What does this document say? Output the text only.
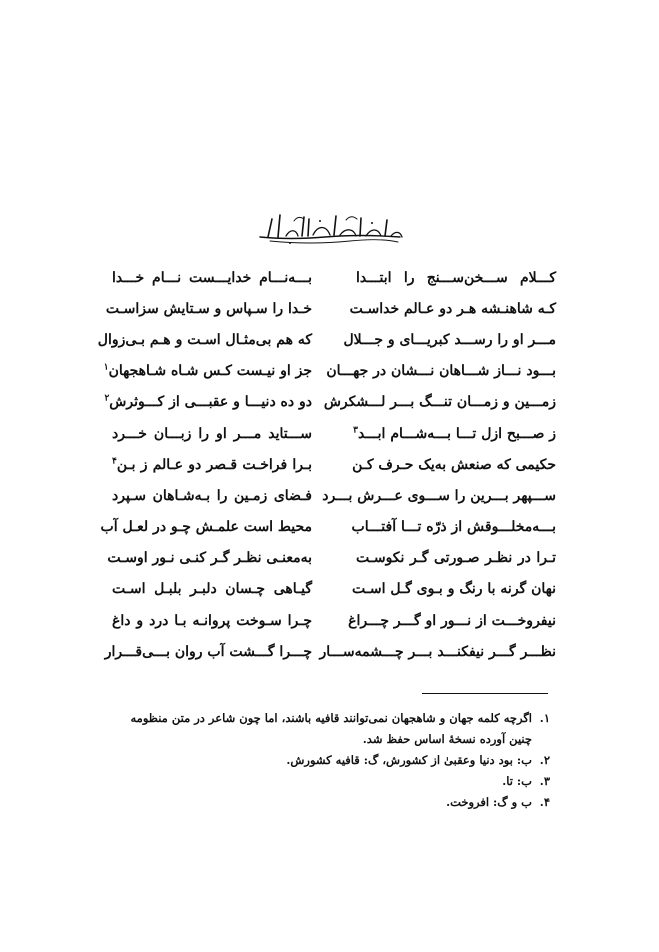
کـــلام ســـخن‌ســـنج را ابتـــدا
بـــه‌نـــام خدایـــست نـــام خـــدا
کـه شاهنـشه هـر دو عـالم خداسـت
خـدا را سـپاس و سـتایش سزاسـت
مـــر او را رســـد کبریـــای و جـــلال
که هم بی‌مثـال اسـت و هـم بـی‌زوال
بـــود نـــاز شـــاهان نـــشان در جهـــان
جز او نیـست کـس شـاه شـاهجهان$^۱$
زمـــین و زمـــان تنـــگ بـــر لـــشکرش
دو ده دنیـــا و عقبـــی از کـــوثرش$^۲$
ز صـــبح ازل تـــا بـــه‌شـــام ابـــد$^۳$
ســـتاید مـــر او را زبـــان خـــرد
حکیمی که صنعش به‌یک حـرف کـن
بـرا فراخـت قـصر دو عـالم ز بـن$^۴$
ســـپهر بـــرین را ســـوی عـــرش بـــرد
فـضای زمـین را بـه‌شـاهان سـپرد
بـــه‌مخلـــوقش از ذرّه تـــا آفتـــاب
محیط است علمـش چـو در لعـل آب
تـرا در نظـر صـورتی گـر نکوسـت
به‌معنـی نظـر گـر کنـی نـور اوسـت
نهان گرنه با رنگ و بـوی گـل اسـت
گیـاهی چـسان دلبـر بلبـل اسـت
نیفروخـــت از نـــور او گـــر چـــراغ
چـرا سـوخت پروانـه بـا درد و داغ
نظـــر گـــر نیفکنـــد بـــر چـــشمه‌ســـار
چـــرا گـــشت آب روان بـــی‌قـــرار
۱.
اگرچه کلمه جهان و شاهجهان نمی‌توانند قافیه باشند، اما چون شاعر در متن منظومه چنین آورده نسخهٔ اساس حفظ شد.
۲.
ب: بود دنیا وعقبیٰ از کشورش، گ: قافیه کشورش.
۳.
ب: تا.
۴.
ب و گ: افروخت.
